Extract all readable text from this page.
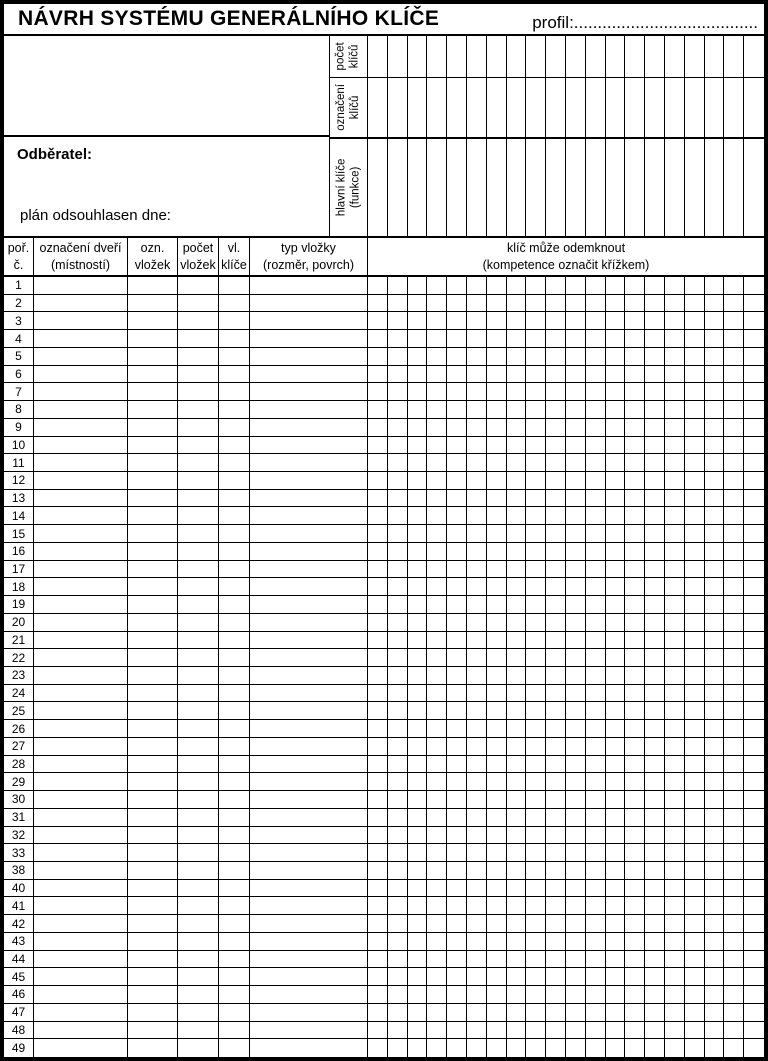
NÁVRH SYSTÉMU GENERÁLNÍHO KLÍČE	profil:.......................................
Odběratel:
plán odsouhlasen dne:
počet klíčů
označení klíčů
hlavní klíče (funkce)
poř.
č.
označení dveří
(místností)
ozn.
vložek
počet
vložek
vl.
klíče
typ vložky
(rozměr, povrch)
klíč může odemknout
(kompetence označit křížkem)
1
2
3
4
5
6
7
8
9
10
11
12
13
14
15
16
17
18
19
20
21
22
23
24
25
26
27
28
29
30
31
32
33
38
40
41
42
43
44
45
46
47
48
49
